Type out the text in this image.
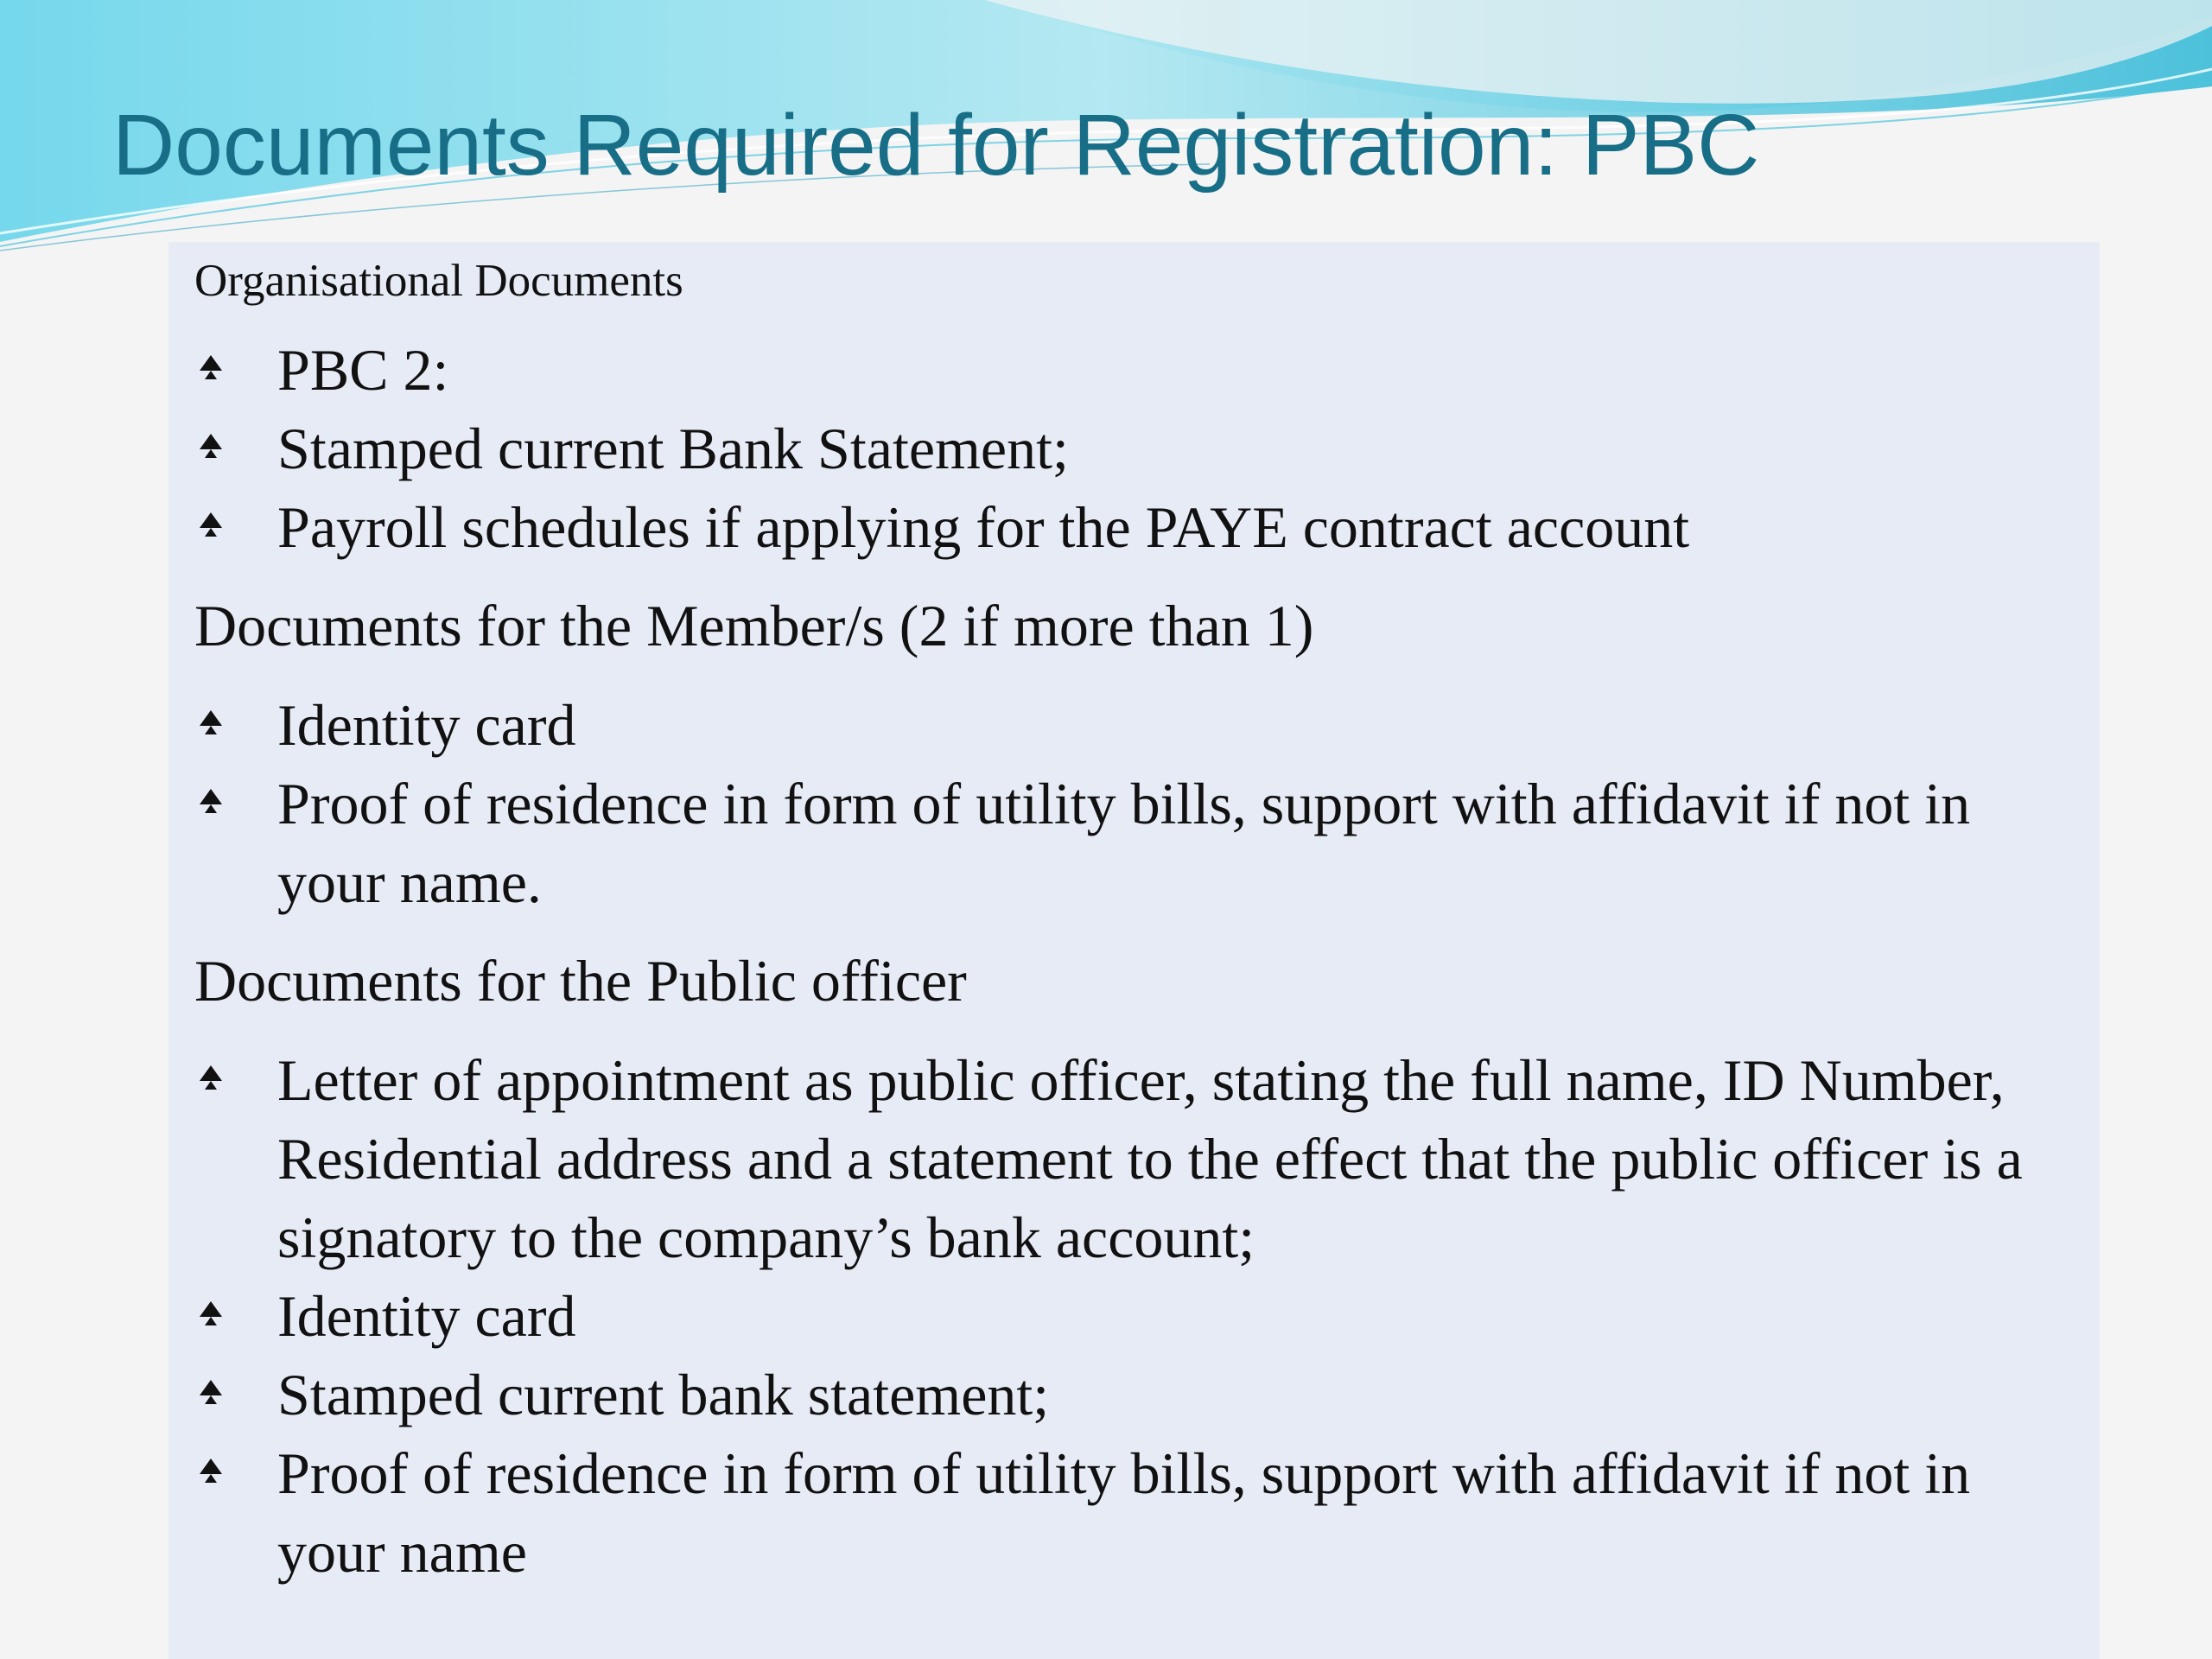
Documents Required for Registration: PBC

Organisational Documents

PBC 2:
Stamped current Bank Statement;
Payroll schedules if applying for the PAYE contract account

Documents for the Member/s (2 if more than 1)

Identity card
Proof of residence in form of utility bills, support with affidavit if not in your name.

Documents for the Public officer

Letter of appointment as public officer, stating the full name, ID Number, Residential address and a statement to the effect that the public officer is a signatory to the company’s bank account;
Identity card
Stamped current bank statement;
Proof of residence in form of utility bills, support with affidavit if not in your name
